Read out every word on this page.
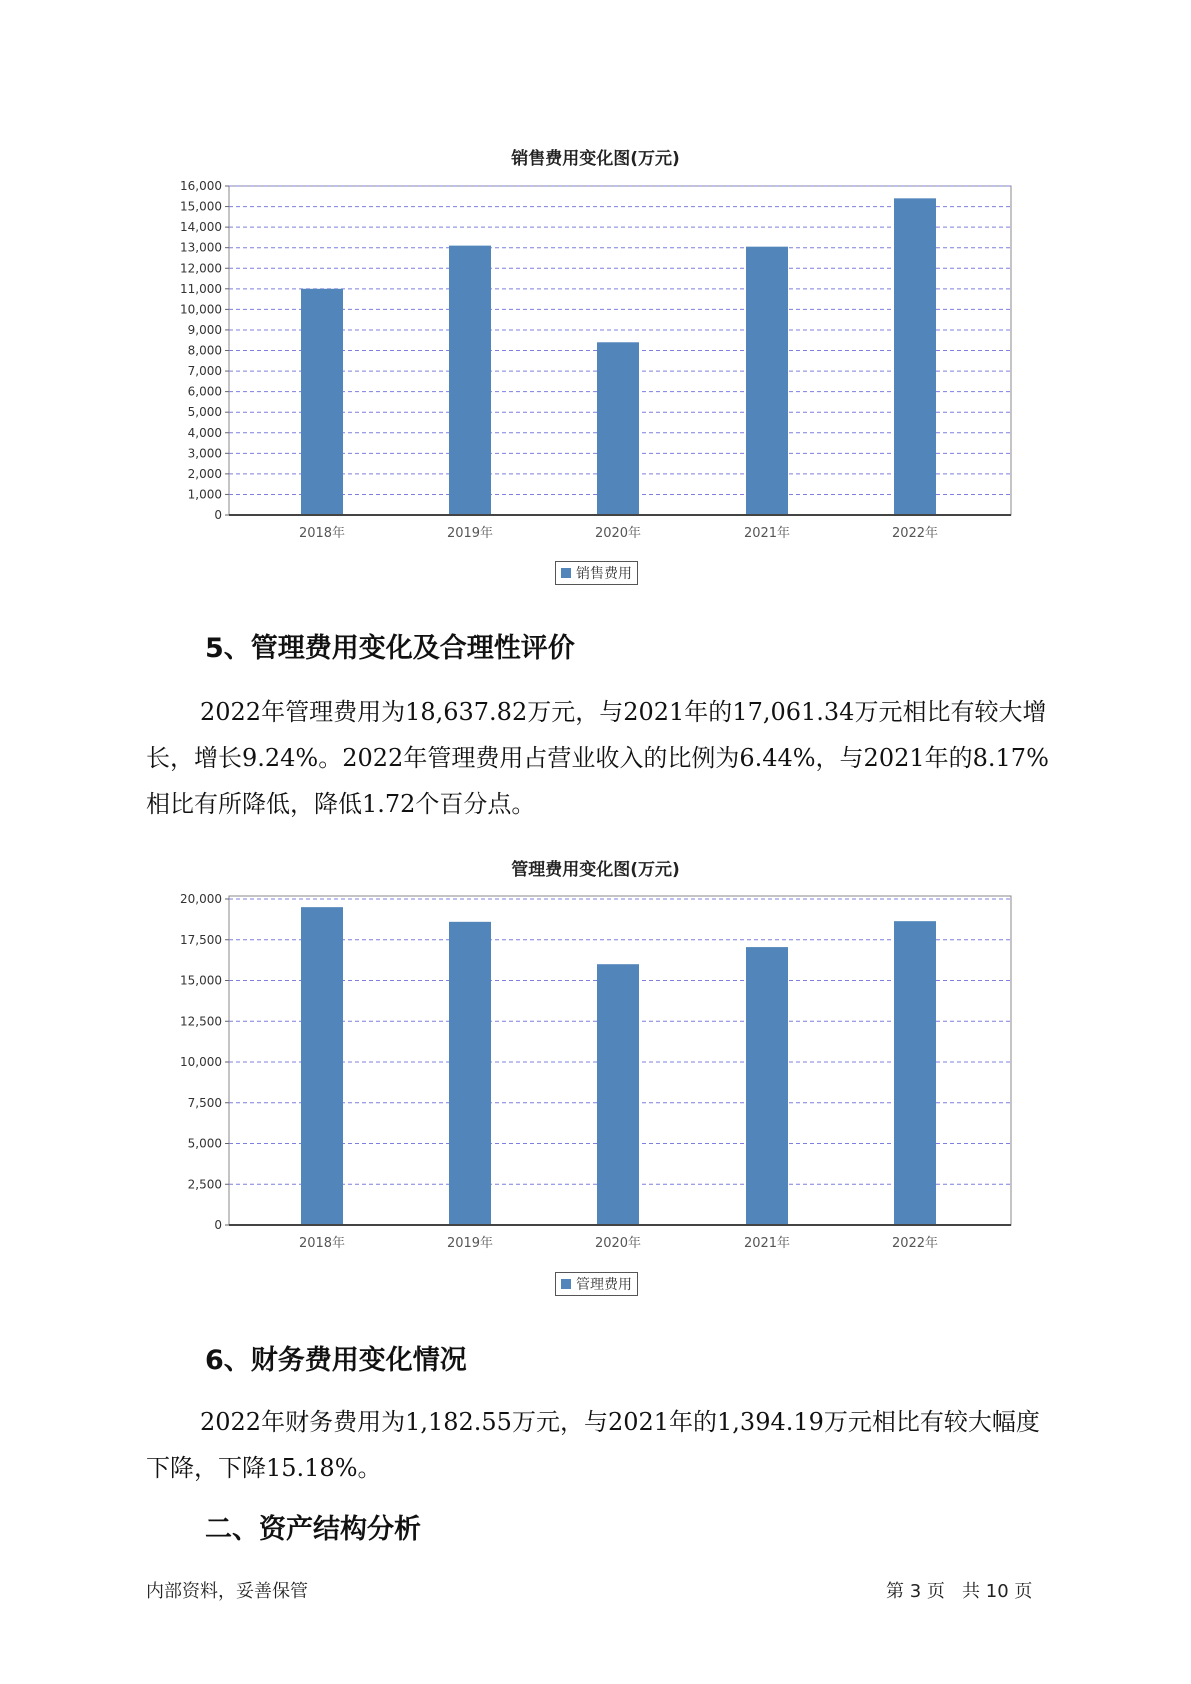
销售费用变化图(万元)
0
1,000
2,000
3,000
4,000
5,000
6,000
7,000
8,000
9,000
10,000
11,000
12,000
13,000
14,000
15,000
16,000
2018年	2019年	2020年	2021年	2022年
销售费用
5、管理费用变化及合理性评价

2022年管理费用为18,637.82万元，与2021年的17,061.34万元相比有较大增长，增长9.24%。2022年管理费用占营业收入的比例为6.44%，与2021年的8.17%相比有所降低，降低1.72个百分点。

管理费用变化图(万元)
0
2,500
5,000
7,500
10,000
12,500
15,000
17,500
20,000
2018年	2019年	2020年	2021年	2022年
管理费用
6、财务费用变化情况

2022年财务费用为1,182.55万元，与2021年的1,394.19万元相比有较大幅度下降，下降15.18%。

二、资产结构分析
内部资料，妥善保管	第 3 页   共 10 页
